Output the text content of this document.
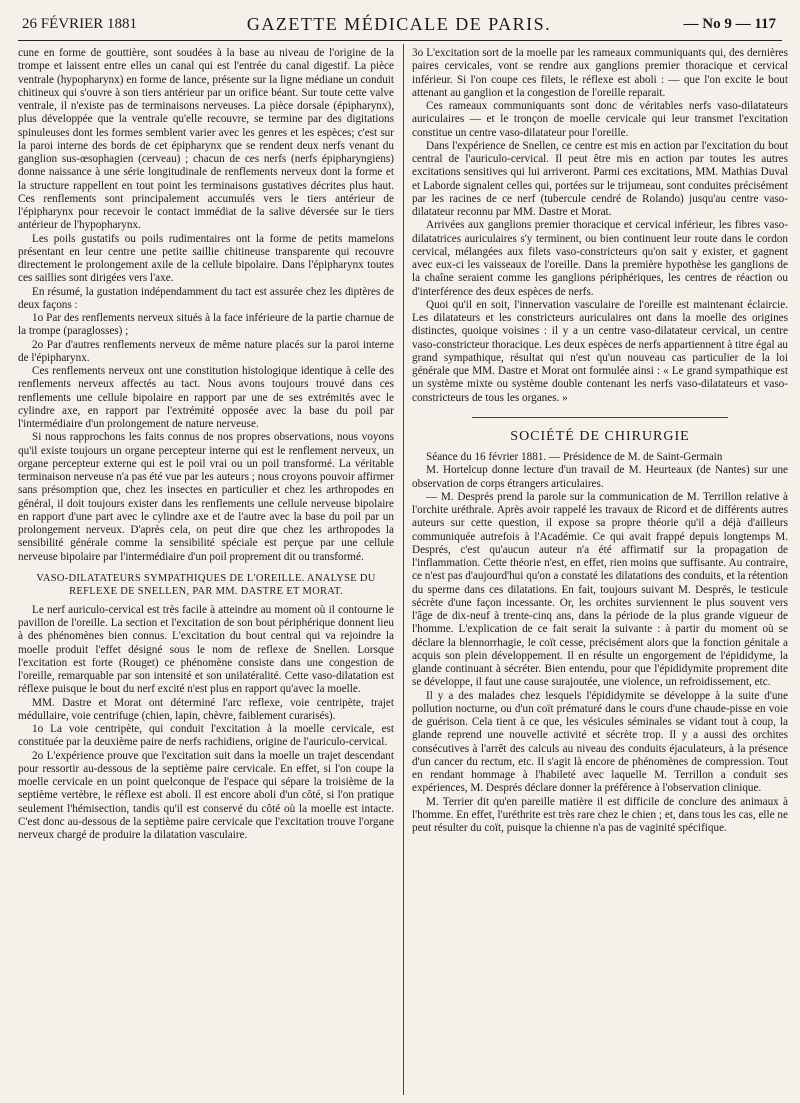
26 FÉVRIER 1881	GAZETTE MÉDICALE DE PARIS.	— No 9 — 117

cune en forme de gouttière, sont soudées à la base au niveau de l'origine de la trompe et laissent entre elles un canal qui est l'entrée du canal digestif. La pièce ventrale (hypopharynx) en forme de lance, présente sur la ligne médiane un conduit chitineux qui s'ouvre à son tiers antérieur par un orifice béant. Sur toute cette valve ventrale, il n'existe pas de terminaisons nerveuses. La pièce dorsale (épipharynx), plus développée que la ventrale qu'elle recouvre, se termine par des digitations spinuleuses dont les formes semblent varier avec les genres et les espèces; c'est sur la paroi interne des bords de cet épipharynx que se rendent deux nerfs venant du ganglion sus-œsophagien (cerveau) ; chacun de ces nerfs (nerfs épipharyngiens) donne naissance à une série longitudinale de renflements nerveux dont la forme et la structure rappellent en tout point les terminaisons gustatives décrites plus haut. Ces renflements sont principalement accumulés vers le tiers antérieur de l'épipharynx pour recevoir le contact immédiat de la salive déversée sur le tiers antérieur de l'hypopharynx.

Les poils gustatifs ou poils rudimentaires ont la forme de petits mamelons présentant en leur centre une petite saillie chitineuse transparente qui recouvre directement le prolongement axile de la cellule bipolaire. Dans l'épipharynx toutes ces saillies sont dirigées vers l'axe.

En résumé, la gustation indépendamment du tact est assurée chez les diptères de deux façons :

1o Par des renflements nerveux situés à la face inférieure de la partie charnue de la trompe (paraglosses) ;

2o Par d'autres renflements nerveux de même nature placés sur la paroi interne de l'épipharynx.

Ces renflements nerveux ont une constitution histologique identique à celle des renflements nerveux affectés au tact. Nous avons toujours trouvé dans ces renflements une cellule bipolaire en rapport par une de ses extrémités avec le cylindre axe, en rapport par l'extrémité opposée avec la base du poil par l'intermédiaire d'un prolongement de nature nerveuse.

Si nous rapprochons les faits connus de nos propres observations, nous voyons qu'il existe toujours un organe percepteur interne qui est le renflement nerveux, un organe percepteur externe qui est le poil vrai ou un poil transformé. La véritable terminaison nerveuse n'a pas été vue par les auteurs ; nous croyons pouvoir affirmer sans présomption que, chez les insectes en particulier et chez les arthropodes en général, il doit toujours exister dans les renflements une cellule nerveuse bipolaire en rapport d'une part avec le cylindre axe et de l'autre avec la base du poil par un prolongement nerveux. D'après cela, on peut dire que chez les arthropodes la sensibilité générale comme la sensibilité spéciale est perçue par une cellule nerveuse bipolaire par l'intermédiaire d'un poil proprement dit ou transformé.

VASO-DILATATEURS SYMPATHIQUES DE L'OREILLE. ANALYSE DU REFLEXE DE SNELLEN, PAR MM. DASTRE ET MORAT.

Le nerf auriculo-cervical est très facile à atteindre au moment où il contourne le pavillon de l'oreille. La section et l'excitation de son bout périphérique donnent lieu à des phénomènes bien connus. L'excitation du bout central qui va rejoindre la moelle produit l'effet désigné sous le nom de reflexe de Snellen. Lorsque l'excitation est forte (Rouget) ce phénomène consiste dans une congestion de l'oreille, remarquable par son intensité et son unilatéralité. Cette vaso-dilatation est réflexe puisque le bout du nerf excité n'est plus en rapport qu'avec la moelle.

MM. Dastre et Morat ont déterminé l'arc reflexe, voie centripète, trajet médullaire, voie centrifuge (chien, lapin, chèvre, faiblement curarisés).

1o La voie centripète, qui conduit l'excitation à la moelle cervicale, est constituée par la deuxième paire de nerfs rachidiens, origine de l'auriculo-cervical.

2o L'expérience prouve que l'excitation suit dans la moelle un trajet descendant pour ressortir au-dessous de la septième paire cervicale. En effet, si l'on coupe la moelle cervicale en un point quelconque de l'espace qui sépare la troisième de la septième vertèbre, le réflexe est aboli. Il est encore aboli d'un côté, si l'on pratique seulement l'hémisection, tandis qu'il est conservé du côté où la moelle est intacte. C'est donc au-dessous de la septième paire cervicale que l'excitation trouve l'organe nerveux chargé de produire la dilatation vasculaire.

3o L'excitation sort de la moelle par les rameaux communiquants qui, des dernières paires cervicales, vont se rendre aux ganglions premier thoracique et cervical inférieur. Si l'on coupe ces filets, le réflexe est aboli : — que l'on excite le bout attenant au ganglion et la congestion de l'oreille reparait.

Ces rameaux communiquants sont donc de véritables nerfs vaso-dilatateurs auriculaires — et le tronçon de moelle cervicale qui leur transmet l'excitation constitue un centre vaso-dilatateur pour l'oreille.

Dans l'expérience de Snellen, ce centre est mis en action par l'excitation du bout central de l'auriculo-cervical. Il peut être mis en action par toutes les autres excitations sensitives qui lui arriveront. Parmi ces excitations, MM. Mathias Duval et Laborde signalent celles qui, portées sur le trijumeau, sont conduites précisément par les racines de ce nerf (tubercule cendré de Rolando) jusqu'au centre vaso-dilatateur reconnu par MM. Dastre et Morat.

Arrivées aux ganglions premier thoracique et cervical inférieur, les fibres vaso-dilatatrices auriculaires s'y terminent, ou bien continuent leur route dans le cordon cervical, mélangées aux filets vaso-constricteurs qu'on sait y exister, et gagnent avec eux-ci les vaisseaux de l'oreille. Dans la première hypothèse les ganglions de la chaîne seraient comme les ganglions périphériques, les centres de réaction ou d'interférence des deux espèces de nerfs.

Quoi qu'il en soit, l'innervation vasculaire de l'oreille est maintenant éclaircie. Les dilatateurs et les constricteurs auriculaires ont dans la moelle des origines distinctes, quoique voisines : il y a un centre vaso-dilatateur cervical, un centre vaso-constricteur thoracique. Les deux espèces de nerfs appartiennent à titre égal au grand sympathique, résultat qui n'est qu'un nouveau cas particulier de la loi générale que MM. Dastre et Morat ont formulée ainsi : « Le grand sympathique est un système mixte ou système double contenant les nerfs vaso-dilatateurs et vaso-constricteurs de tous les organes. »

SOCIÉTÉ DE CHIRURGIE

Séance du 16 février 1881. — Présidence de M. de Saint-Germain

M. Hortelcup donne lecture d'un travail de M. Heurteaux (de Nantes) sur une observation de corps étrangers articulaires.

— M. Després prend la parole sur la communication de M. Terrillon relative à l'orchite uréthrale. Après avoir rappelé les travaux de Ricord et de différents autres auteurs sur cette question, il expose sa propre théorie qu'il a déjà d'ailleurs communiquée autrefois à l'Académie. Ce qui avait frappé depuis longtemps M. Després, c'est qu'aucun auteur n'a été affirmatif sur la propagation de l'inflammation. Cette théorie n'est, en effet, rien moins que suffisante. Au contraire, ce n'est pas d'aujourd'hui qu'on a constaté les dilatations des conduits, et la rétention du sperme dans ces dilatations. En fait, toujours suivant M. Després, le testicule sécrète d'une façon incessante. Or, les orchites surviennent le plus souvent vers l'âge de dix-neuf à trente-cinq ans, dans la période de la plus grande vigueur de l'homme. L'explication de ce fait serait la suivante : à partir du moment où se déclare la blennorrhagie, le coït cesse, précisément alors que la fonction génitale a acquis son plein développement. Il en résulte un engorgement de l'épididyme, la glande continuant à sécréter. Bien entendu, pour que l'épididymite proprement dite se développe, il faut une cause surajoutée, une violence, un refroidissement, etc.

Il y a des malades chez lesquels l'épididymite se développe à la suite d'une pollution nocturne, ou d'un coït prématuré dans le cours d'une chaude-pisse en voie de guérison. Cela tient à ce que, les vésicules séminales se vidant tout à coup, la glande reprend une nouvelle activité et sécrète trop. Il y a aussi des orchites consécutives à l'arrêt des calculs au niveau des conduits éjaculateurs, à la présence d'un cancer du rectum, etc. Il s'agit là encore de phénomènes de compression. Tout en rendant hommage à l'habileté avec laquelle M. Terrillon a conduit ses expériences, M. Després déclare donner la préférence à l'observation clinique.

M. Terrier dit qu'en pareille matière il est difficile de conclure des animaux à l'homme. En effet, l'uréthrite est très rare chez le chien ; et, dans tous les cas, elle ne peut résulter du coït, puisque la chienne n'a pas de vaginité spécifique.
